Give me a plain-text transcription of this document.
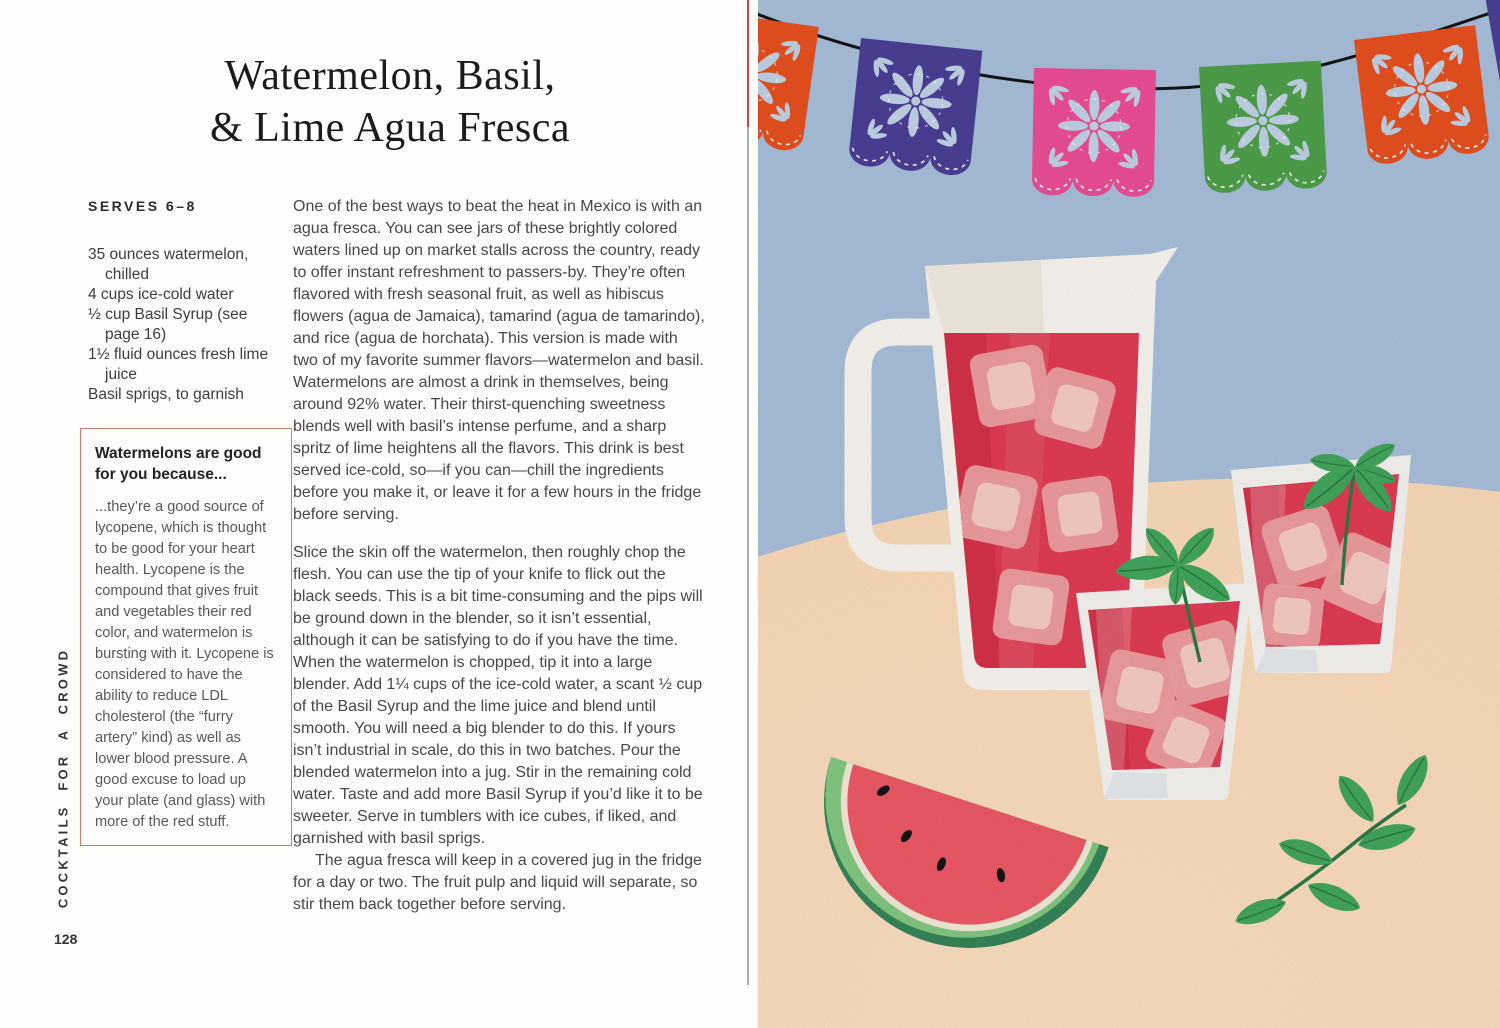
Watermelon, Basil,
& Lime Agua Fresca
SERVES 6–8
35 ounces watermelon, chilled
4 cups ice-cold water
½ cup Basil Syrup (see page 16)
1½ fluid ounces fresh lime juice
Basil sprigs, to garnish
Watermelons are good for you because...

...they’re a good source of lycopene, which is thought to be good for your heart health. Lycopene is the compound that gives fruit and vegetables their red color, and watermelon is bursting with it. Lycopene is considered to have the ability to reduce LDL cholesterol (the “furry artery” kind) as well as lower blood pressure. A good excuse to load up your plate (and glass) with more of the red stuff.

One of the best ways to beat the heat in Mexico is with an agua fresca. You can see jars of these brightly colored waters lined up on market stalls across the country, ready to offer instant refreshment to passers-by. They’re often flavored with fresh seasonal fruit, as well as hibiscus flowers (agua de Jamaica), tamarind (agua de tamarindo), and rice (agua de horchata). This version is made with two of my favorite summer flavors—watermelon and basil. Watermelons are almost a drink in themselves, being around 92% water. Their thirst-quenching sweetness blends well with basil’s intense perfume, and a sharp spritz of lime heightens all the flavors. This drink is best served ice-cold, so—if you can—chill the ingredients before you make it, or leave it for a few hours in the fridge before serving.

Slice the skin off the watermelon, then roughly chop the flesh. You can use the tip of your knife to flick out the black seeds. This is a bit time-consuming and the pips will be ground down in the blender, so it isn’t essential, although it can be satisfying to do if you have the time. When the watermelon is chopped, tip it into a large blender. Add 1¼ cups of the ice-cold water, a scant ½ cup of the Basil Syrup and the lime juice and blend until smooth. You will need a big blender to do this. If yours isn’t industrial in scale, do this in two batches. Pour the blended watermelon into a jug. Stir in the remaining cold water. Taste and add more Basil Syrup if you’d like it to be sweeter. Serve in tumblers with ice cubes, if liked, and garnished with basil sprigs.

The agua fresca will keep in a covered jug in the fridge for a day or two. The fruit pulp and liquid will separate, so stir them back together before serving.

COCKTAILS FOR A CROWD
128
